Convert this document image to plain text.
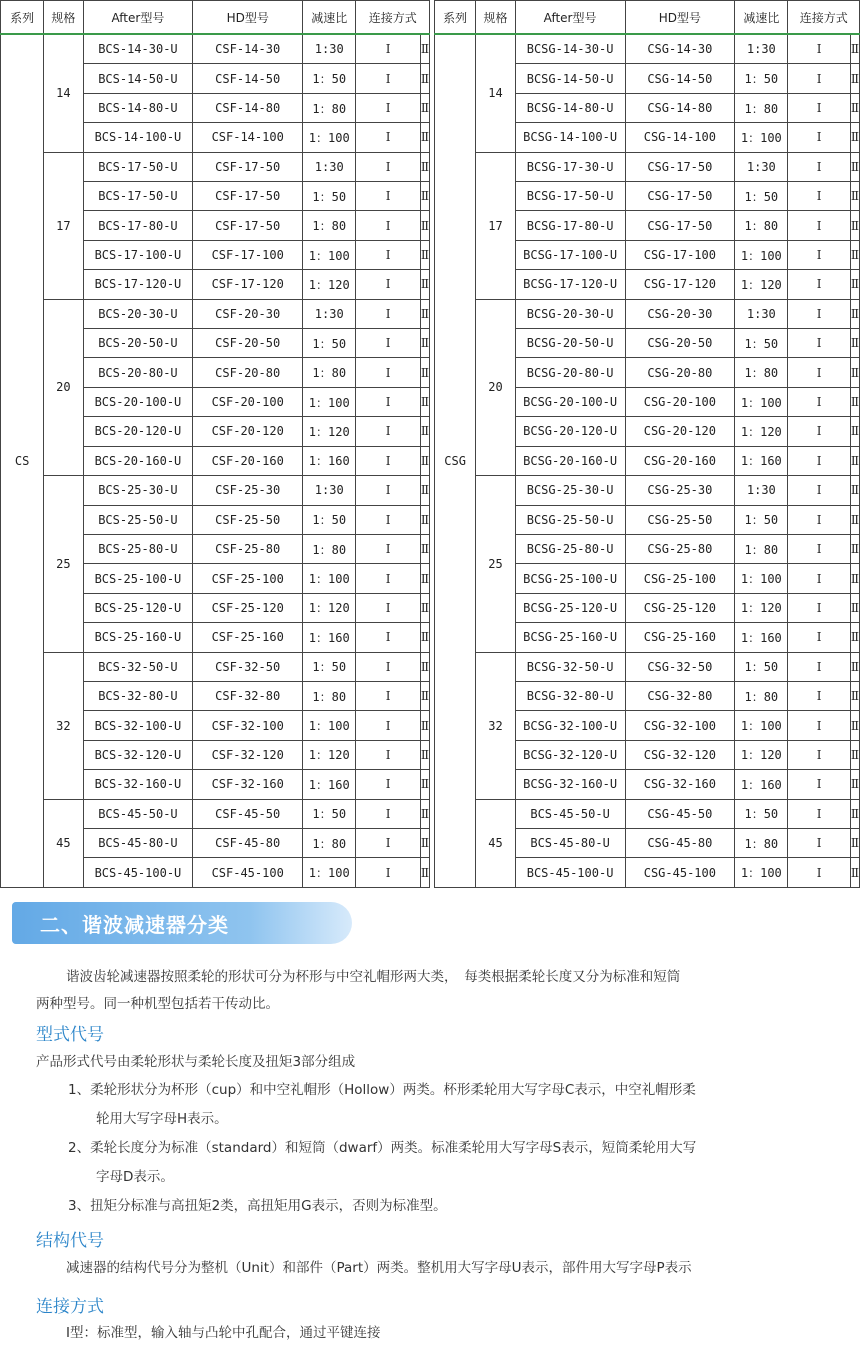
系列	规格	After型号	HD型号	减速比	连接方式	
CS	14	BCS-14-30-U	CSF-14-30	1:30	Ⅰ	Ⅱ
		BCS-14-50-U	CSF-14-50	1：50	Ⅰ	Ⅱ
		BCS-14-80-U	CSF-14-80	1：80	Ⅰ	Ⅱ
		BCS-14-100-U	CSF-14-100	1：100	Ⅰ	Ⅱ
	17	BCS-17-50-U	CSF-17-50	1:30	Ⅰ	Ⅱ
		BCS-17-50-U	CSF-17-50	1：50	Ⅰ	Ⅱ
		BCS-17-80-U	CSF-17-50	1：80	Ⅰ	Ⅱ
		BCS-17-100-U	CSF-17-100	1：100	Ⅰ	Ⅱ
		BCS-17-120-U	CSF-17-120	1：120	Ⅰ	Ⅱ
	20	BCS-20-30-U	CSF-20-30	1:30	Ⅰ	Ⅱ
		BCS-20-50-U	CSF-20-50	1：50	Ⅰ	Ⅱ
		BCS-20-80-U	CSF-20-80	1：80	Ⅰ	Ⅱ
		BCS-20-100-U	CSF-20-100	1：100	Ⅰ	Ⅱ
		BCS-20-120-U	CSF-20-120	1：120	Ⅰ	Ⅱ
		BCS-20-160-U	CSF-20-160	1：160	Ⅰ	Ⅱ
	25	BCS-25-30-U	CSF-25-30	1:30	Ⅰ	Ⅱ
		BCS-25-50-U	CSF-25-50	1：50	Ⅰ	Ⅱ
		BCS-25-80-U	CSF-25-80	1：80	Ⅰ	Ⅱ
		BCS-25-100-U	CSF-25-100	1：100	Ⅰ	Ⅱ
		BCS-25-120-U	CSF-25-120	1：120	Ⅰ	Ⅱ
		BCS-25-160-U	CSF-25-160	1：160	Ⅰ	Ⅱ
	32	BCS-32-50-U	CSF-32-50	1：50	Ⅰ	Ⅱ
		BCS-32-80-U	CSF-32-80	1：80	Ⅰ	Ⅱ
		BCS-32-100-U	CSF-32-100	1：100	Ⅰ	Ⅱ
		BCS-32-120-U	CSF-32-120	1：120	Ⅰ	Ⅱ
		BCS-32-160-U	CSF-32-160	1：160	Ⅰ	Ⅱ
	45	BCS-45-50-U	CSF-45-50	1：50	Ⅰ	Ⅱ
		BCS-45-80-U	CSF-45-80	1：80	Ⅰ	Ⅱ
		BCS-45-100-U	CSF-45-100	1：100	Ⅰ	Ⅱ
系列	规格	After型号	HD型号	减速比	连接方式	
CSG	14	BCSG-14-30-U	CSG-14-30	1:30	Ⅰ	Ⅱ
		BCSG-14-50-U	CSG-14-50	1：50	Ⅰ	Ⅱ
		BCSG-14-80-U	CSG-14-80	1：80	Ⅰ	Ⅱ
		BCSG-14-100-U	CSG-14-100	1：100	Ⅰ	Ⅱ
	17	BCSG-17-30-U	CSG-17-50	1:30	Ⅰ	Ⅱ
		BCSG-17-50-U	CSG-17-50	1：50	Ⅰ	Ⅱ
		BCSG-17-80-U	CSG-17-50	1：80	Ⅰ	Ⅱ
		BCSG-17-100-U	CSG-17-100	1：100	Ⅰ	Ⅱ
		BCSG-17-120-U	CSG-17-120	1：120	Ⅰ	Ⅱ
	20	BCSG-20-30-U	CSG-20-30	1:30	Ⅰ	Ⅱ
		BCSG-20-50-U	CSG-20-50	1：50	Ⅰ	Ⅱ
		BCSG-20-80-U	CSG-20-80	1：80	Ⅰ	Ⅱ
		BCSG-20-100-U	CSG-20-100	1：100	Ⅰ	Ⅱ
		BCSG-20-120-U	CSG-20-120	1：120	Ⅰ	Ⅱ
		BCSG-20-160-U	CSG-20-160	1：160	Ⅰ	Ⅱ
	25	BCSG-25-30-U	CSG-25-30	1:30	Ⅰ	Ⅱ
		BCSG-25-50-U	CSG-25-50	1：50	Ⅰ	Ⅱ
		BCSG-25-80-U	CSG-25-80	1：80	Ⅰ	Ⅱ
		BCSG-25-100-U	CSG-25-100	1：100	Ⅰ	Ⅱ
		BCSG-25-120-U	CSG-25-120	1：120	Ⅰ	Ⅱ
		BCSG-25-160-U	CSG-25-160	1：160	Ⅰ	Ⅱ
	32	BCSG-32-50-U	CSG-32-50	1：50	Ⅰ	Ⅱ
		BCSG-32-80-U	CSG-32-80	1：80	Ⅰ	Ⅱ
		BCSG-32-100-U	CSG-32-100	1：100	Ⅰ	Ⅱ
		BCSG-32-120-U	CSG-32-120	1：120	Ⅰ	Ⅱ
		BCSG-32-160-U	CSG-32-160	1：160	Ⅰ	Ⅱ
	45	BCS-45-50-U	CSG-45-50	1：50	Ⅰ	Ⅱ
		BCS-45-80-U	CSG-45-80	1：80	Ⅰ	Ⅱ
		BCS-45-100-U	CSG-45-100	1：100	Ⅰ	Ⅱ
二、谐波减速器分类
谐波齿轮减速器按照柔轮的形状可分为杯形与中空礼帽形两大类，　每类根据柔轮长度又分为标准和短筒
两种型号。同一种机型包括若干传动比。
型式代号
产品形式代号由柔轮形状与柔轮长度及扭矩3部分组成
1、柔轮形状分为杯形（cup）和中空礼帽形（Hollow）两类。杯形柔轮用大写字母C表示，中空礼帽形柔
轮用大写字母H表示。
2、柔轮长度分为标准（standard）和短筒（dwarf）两类。标准柔轮用大写字母S表示，短筒柔轮用大写
字母D表示。
3、扭矩分标准与高扭矩2类，高扭矩用G表示，否则为标准型。
结构代号
减速器的结构代号分为整机（Unit）和部件（Part）两类。整机用大写字母U表示，部件用大写字母P表示
连接方式
Ⅰ型：标准型，输入轴与凸轮中孔配合，通过平键连接
